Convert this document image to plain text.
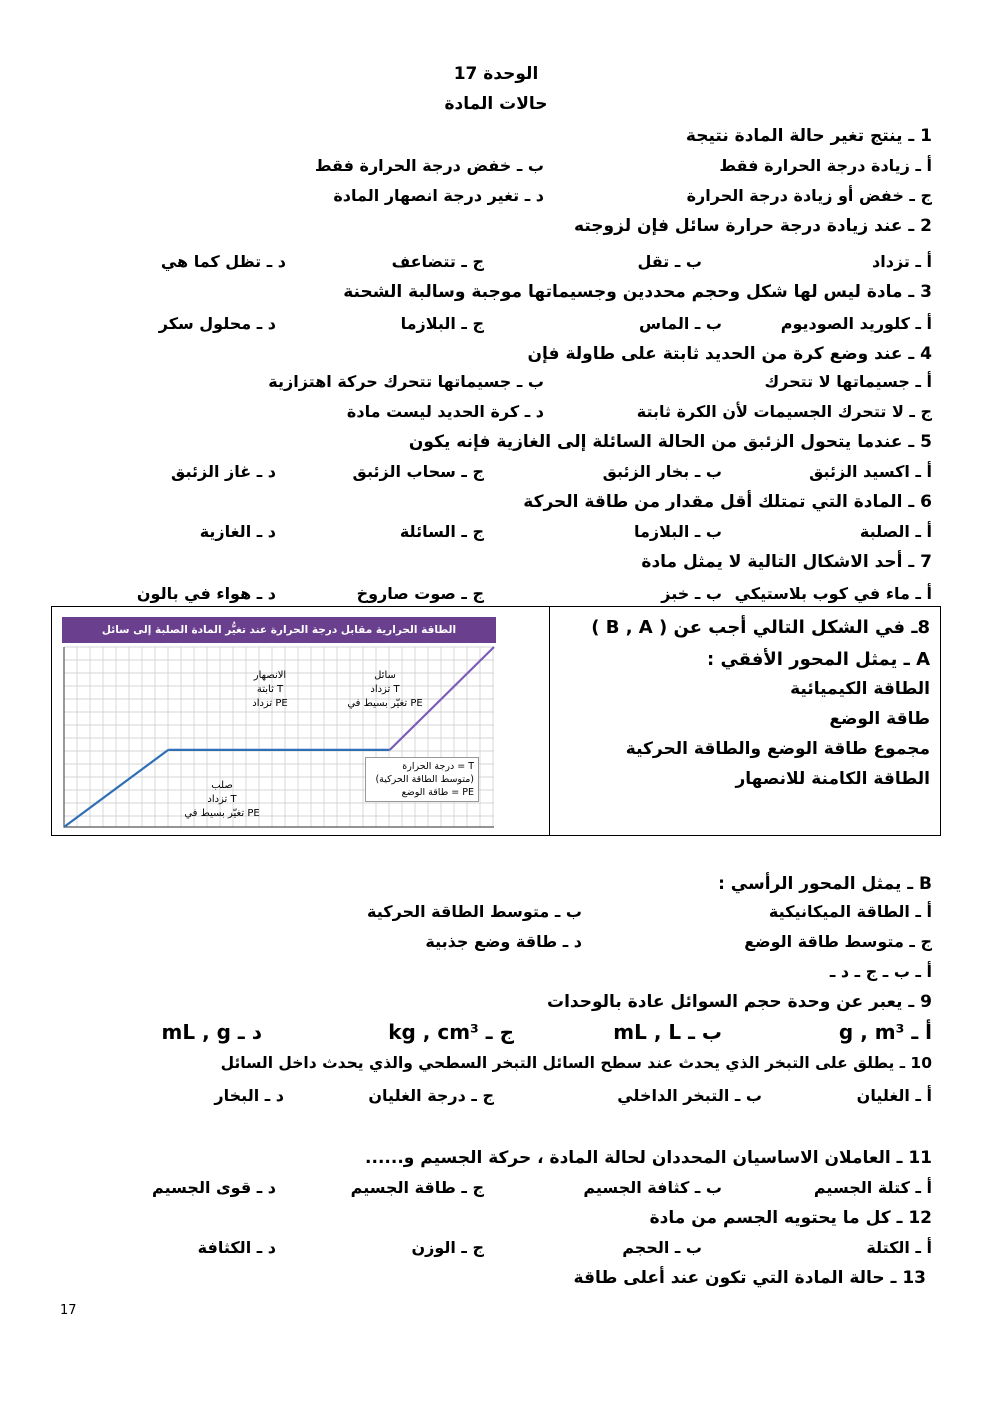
الوحدة 17
حالات المادة
1 ـ ينتج تغير حالة المادة نتيجة
أ ـ زيادة درجة الحرارة فقط
ب ـ خفض درجة الحرارة فقط
ج ـ خفض أو زيادة درجة الحرارة
د ـ تغير درجة انصهار المادة
2 ـ عند زيادة درجة حرارة سائل فإن لزوجته
أ ـ تزداد
ب ـ تقل
ج ـ تتضاعف
د ـ تظل كما هي
3 ـ مادة ليس لها شكل وحجم محددين وجسيماتها موجبة وسالبة الشحنة
أ ـ كلوريد الصوديوم
ب ـ الماس
ج ـ البلازما
د ـ محلول سكر
4 ـ عند وضع كرة من الحديد ثابتة على طاولة فإن
أ ـ جسيماتها لا تتحرك
ب ـ جسيماتها تتحرك حركة اهتزازية
ج ـ لا تتحرك الجسيمات لأن الكرة ثابتة
د ـ كرة الحديد ليست مادة
5 ـ عندما يتحول الزئبق من الحالة السائلة إلى الغازية فإنه يكون
أ ـ اكسيد الزئبق
ب ـ بخار الزئبق
ج ـ سحاب الزئبق
د ـ غاز الزئبق
6 ـ المادة التي تمتلك أقل مقدار من طاقة الحركة
أ ـ الصلبة
ب ـ البلازما
ج ـ السائلة
د ـ الغازية
7 ـ أحد الاشكال التالية لا يمثل مادة
أ ـ ماء في كوب بلاستيكي
ب ـ خبز
ج ـ صوت صاروخ
د ـ هواء في بالون
8ـ في الشكل التالي أجب عن ( B , A )
A ـ يمثل المحور الأفقي :
الطاقة الكيميائية
طاقة الوضع
مجموع طاقة الوضع والطاقة الحركية
الطاقة الكامنة للانصهار
الطاقة الحرارية مقابل درجة الحرارة عند تغيُّر المادة الصلبة إلى سائل
الانصهار
T ثابتة
PE تزداد
سائل
T تزداد
PE تغيّر بسيط في
صلب
T تزداد
PE تغيّر بسيط في
T = درجة الحرارة
(متوسط الطاقة الحركية)
PE = طاقة الوضع
B ـ يمثل المحور الرأسي :
أ ـ الطاقة الميكانيكية
ب ـ متوسط الطاقة الحركية
ج ـ متوسط طاقة الوضع
د ـ طاقة وضع جذبية
أ ـ ب ـ ج ـ د ـ
9 ـ يعبر عن وحدة حجم السوائل عادة بالوحدات
أ ـ g , m³
ب ـ mL , L
ج ـ kg , cm³
د ـ mL , g
10 ـ يطلق على التبخر الذي يحدث عند سطح السائل التبخر السطحي والذي يحدث داخل السائل
أ ـ الغليان
ب ـ التبخر الداخلي
ج ـ درجة الغليان
د ـ البخار
11 ـ العاملان الاساسيان المحددان لحالة المادة ، حركة الجسيم و......
أ ـ كتلة الجسيم
ب ـ كثافة الجسيم
ج ـ طاقة الجسيم
د ـ قوى الجسيم
12 ـ كل ما يحتويه الجسم من مادة
أ ـ الكتلة
ب ـ الحجم
ج ـ الوزن
د ـ الكثافة
13 ـ حالة المادة التي تكون عند أعلى طاقة
17
